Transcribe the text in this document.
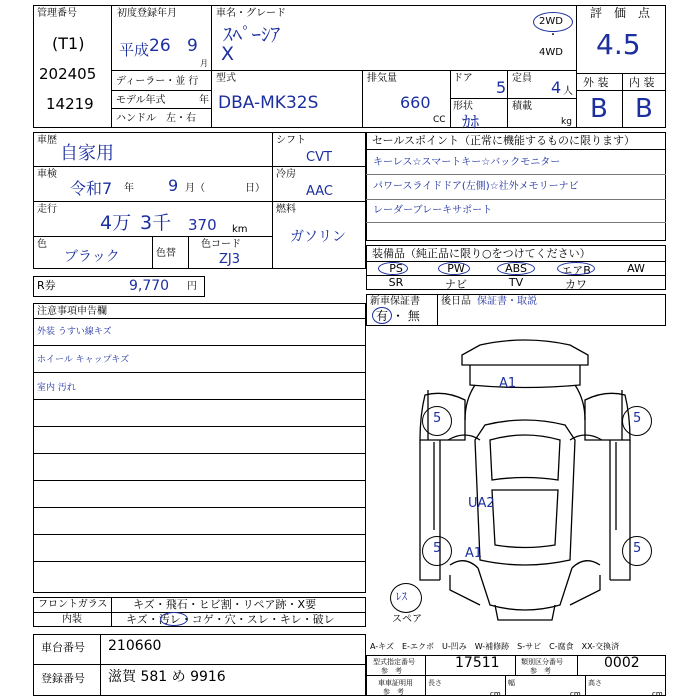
管理番号
(T1)
202405
14219
初度登録年月
平成 26 9
月
車名・グレード
ｽﾍﾟｰｼｱ
X
2WD
・
4WD
評　価　点
4.5
ディーラー・並 行
モデル年式	年
ハンドル　左・右
型式
DBA-MK32S
排気量
660
CC
ドア 5 定員 4 人
形状
ｶﾎ
積載
kg
外 装 内 装
B B
車歴
自家用
車検
令和7 年 9 月（	日）
走行
4万 3千 370 km
色
ブラック	色替
色コード
ZJ3
シフト
CVT
冷房
AAC
燃料
ガソリン
R券	9,770 円
セールスポイント（正常に機能するものに限ります）
キーレス☆スマートキー☆バックモニター
パワースライドドア(左側)☆社外メモリーナビ
レーダーブレーキサポート
装備品（純正品に限り○をつけてください）
PS	PW	ABS	エアB	AW
SR	ナビ	TV	カワ
新車保証書
有 ・ 無
後日品 保証書・取説
注意事項申告欄
外装 うすい線キズ
ホイール キャップキズ
室内 汚れ	A1
UA2
A1
5	5
5	5
ﾚｽ
スペア
フロントガラス キズ・飛石・ヒビ割・リペア跡・X要
内装	キズ・汚レ・コゲ・穴・スレ・キレ・破レ
車台番号 210660
登録番号 滋賀 581 め 9916
A-キズ　E-エクボ　U-凹み　W-補修跡　S-サビ　C-腐食　XX-交換済
型式指定番号
参　考	17511	類別区分番号
参　考	0002
車車証明用
参　考
長さ
cm
幅
cm
高さ
cm
